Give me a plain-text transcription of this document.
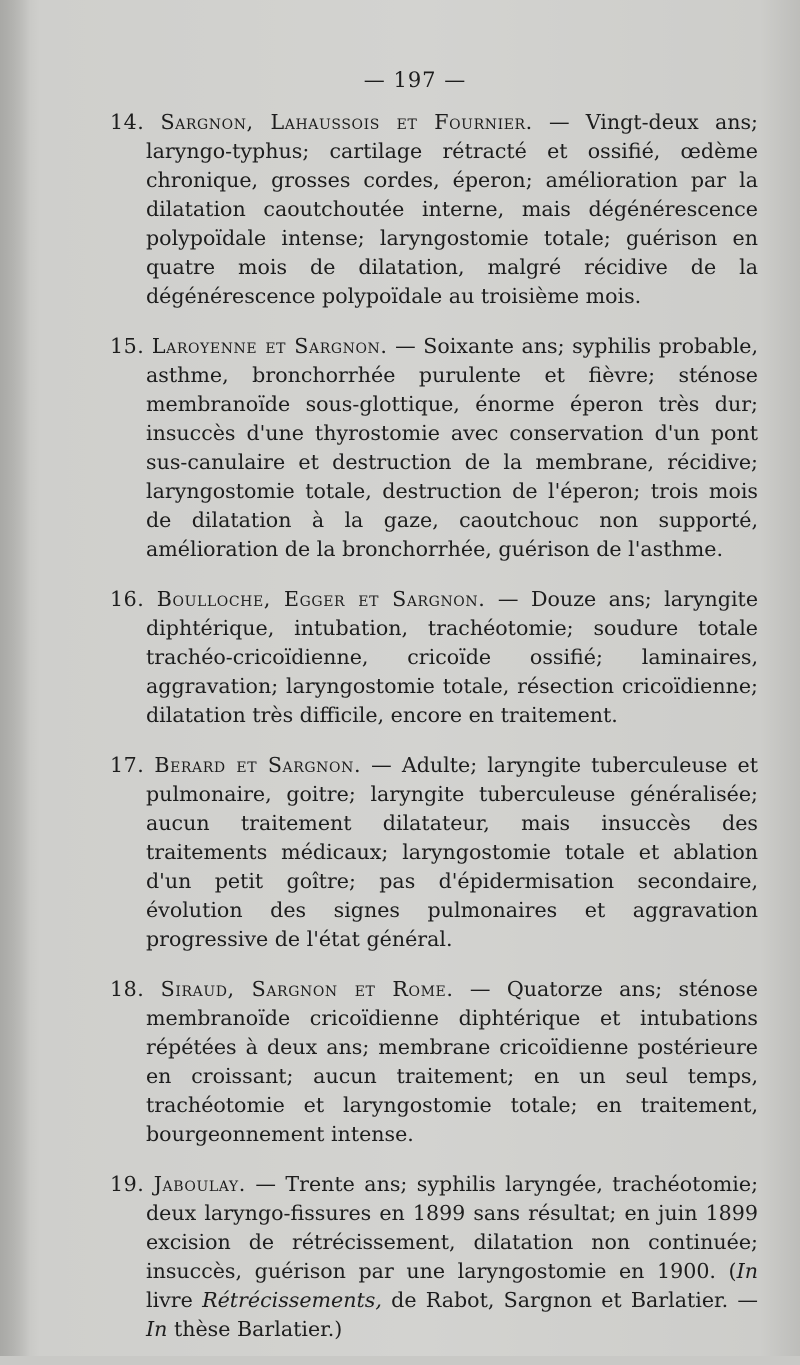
— 197 —

14. Sargnon, Lahaussois et Fournier. — Vingt-deux ans; laryngo-typhus; cartilage rétracté et ossifié, œdème chronique, grosses cordes, éperon; amélioration par la dilatation caoutchoutée interne, mais dégénérescence polypoïdale intense; laryngostomie totale; guérison en quatre mois de dilatation, malgré récidive de la dégénérescence polypoïdale au troisième mois.

15. Laroyenne et Sargnon. — Soixante ans; syphilis probable, asthme, bronchorrhée purulente et fièvre; sténose membranoïde sous-glottique, énorme éperon très dur; insuccès d'une thyrostomie avec conservation d'un pont sus-canulaire et destruction de la membrane, récidive; laryngostomie totale, destruction de l'éperon; trois mois de dilatation à la gaze, caoutchouc non supporté, amélioration de la bronchorrhée, guérison de l'asthme.

16. Boulloche, Egger et Sargnon. — Douze ans; laryngite diphtérique, intubation, trachéotomie; soudure totale trachéo-cricoïdienne, cricoïde ossifié; laminaires, aggravation; laryngostomie totale, résection cricoïdienne; dilatation très difficile, encore en traitement.

17. Berard et Sargnon. — Adulte; laryngite tuberculeuse et pulmonaire, goitre; laryngite tuberculeuse généralisée; aucun traitement dilatateur, mais insuccès des traitements médicaux; laryngostomie totale et ablation d'un petit goître; pas d'épidermisation secondaire, évolution des signes pulmonaires et aggravation progressive de l'état général.

18. Siraud, Sargnon et Rome. — Quatorze ans; sténose membranoïde cricoïdienne diphtérique et intubations répétées à deux ans; membrane cricoïdienne postérieure en croissant; aucun traitement; en un seul temps, trachéotomie et laryngostomie totale; en traitement, bourgeonnement intense.

19. Jaboulay. — Trente ans; syphilis laryngée, trachéotomie; deux laryngo-fissures en 1899 sans résultat; en juin 1899 excision de rétrécissement, dilatation non continuée; insuccès, guérison par une laryngostomie en 1900. (In livre Rétrécissements, de Rabot, Sargnon et Barlatier. — In thèse Barlatier.)
